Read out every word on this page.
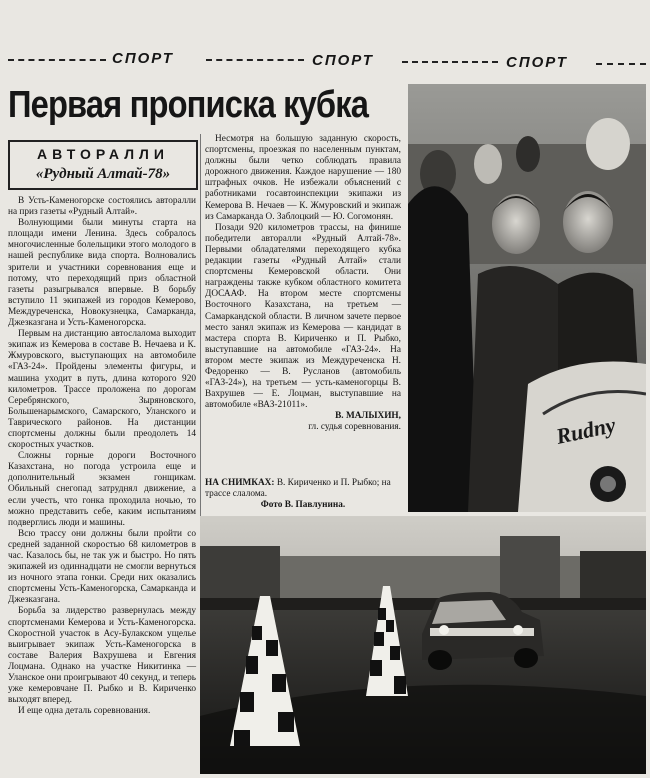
СПОРТ	СПОРТ	СПОРТ
Первая прописка кубка
АВТОРАЛЛИ
«Рудный Алтай-78»

В Усть-Каменогорске состоялись авторалли на приз газеты «Рудный Алтай».

Волнующими были минуты старта на площади имени Ленина. Здесь собралось многочисленные болельщики этого молодого в нашей республике вида спорта. Волновались зрители и участники соревнования еще и потому, что переходящий приз областной газеты разыгрывался впервые. В борьбу вступило 11 экипажей из городов Кемерово, Междуреченска, Новокузнецка, Самарканда, Джезказгана и Усть-Каменогорска.

Первым на дистанцию автослалома выходит экипаж из Кемерова в составе В. Нечаева и К. Жмуровского, выступающих на автомобиле «ГАЗ-24». Пройдены элементы фигуры, и машина уходит в путь, длина которого 920 километров. Трассе проложена по дорогам Серебрянского, Зыряновского, Большенарымского, Самарского, Уланского и Таврического районов. На дистанции спортсмены должны были преодолеть 14 скоростных участков.

Сложны горные дороги Восточного Казахстана, но погода устроила еще и дополнительный экзамен гонщикам. Обильный снегопад затруднял движение, а если учесть, что гонка проходила ночью, то можно представить себе, каким испытаниям подверглись люди и машины.

Всю трассу они должны были пройти со средней заданной скоростью 68 километров в час. Казалось бы, не так уж и быстро. Но пять экипажей из одиннадцати не смогли вернуться из ночного этапа гонки. Среди них оказались спортсмены Усть-Каменогорска, Самарканда и Джезказгана.

Борьба за лидерство развернулась между спортсменами Кемерова и Усть-Каменогорска. Скоростной участок в Асу-Булакском ущелье выигрывает экипаж Усть-Каменогорска в составе Валерия Вахрушева и Евгения Лоцмана. Однако на участке Никитинка — Уланское они проигрывают 40 секунд, и теперь уже кемеровчане П. Рыбко и В. Кириченко выходят вперед.

И еще одна деталь соревнования.

Несмотря на большую заданную скорость, спортсмены, проезжая по населенным пунктам, должны были четко соблюдать правила дорожного движения. Каждое нарушение — 180 штрафных очков. Не избежали объяснений с работниками госавтоинспекции экипажи из Кемерова В. Нечаев — К. Жмуровский и экипаж из Самарканда О. Заблоцкий — Ю. Согомонян.

Позади 920 километров трассы, на финише победители авторалли «Рудный Алтай-78». Первыми обладателями переходящего кубка редакции газеты «Рудный Алтай» стали спортсмены Кемеровской области. Они награждены также кубком областного комитета ДОСААФ. На втором месте спортсмены Восточного Казахстана, на третьем — Самаркандской области. В личном зачете первое место занял экипаж из Кемерова — кандидат в мастера спорта В. Кириченко и П. Рыбко, выступавшие на автомобиле «ГАЗ-24». На втором месте экипаж из Междуреченска Н. Федоренко — В. Русланов (автомобиль «ГАЗ-24»), на третьем — усть-каменогорцы В. Вахрушев — Е. Лоцман, выступавшие на автомобиле «ВАЗ-21011».

В. МАЛЫХИН,
гл. судья соревнования.
НА СНИМКАХ: В. Кириченко и П. Рыбко; на трассе слалома.
Фото В. Павлунина.
Rudny
